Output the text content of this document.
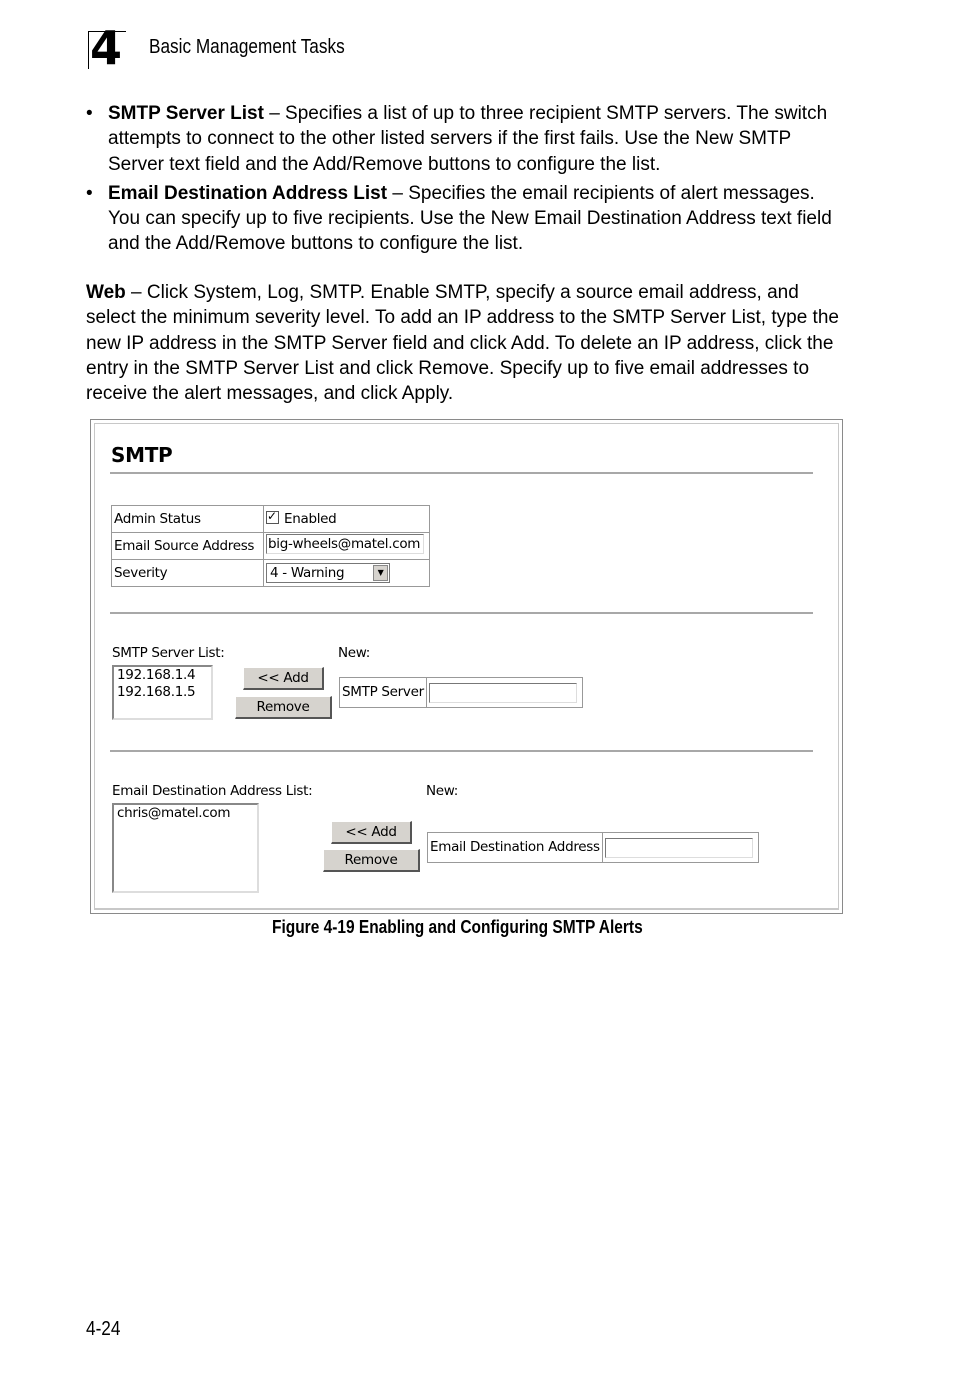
4 Basic Management Tasks
• SMTP Server List – Specifies a list of up to three recipient SMTP servers. The switch attempts to connect to the other listed servers if the first fails. Use the New SMTP Server text field and the Add/Remove buttons to configure the list.
• Email Destination Address List – Specifies the email recipients of alert messages. You can specify up to five recipients. Use the New Email Destination Address text field and the Add/Remove buttons to configure the list.
Web – Click System, Log, SMTP. Enable SMTP, specify a source email address, and select the minimum severity level. To add an IP address to the SMTP Server List, type the new IP address in the SMTP Server field and click Add. To delete an IP address, click the entry in the SMTP Server List and click Remove. Specify up to five email addresses to receive the alert messages, and click Apply.
SMTP
Admin Status	✓Enabled
Email Source Address	big-wheels@matel.com
Severity	4 - Warning ▼
SMTP Server List:	New:
192.168.1.4
192.168.1.5
<< Add
Remove
SMTP Server
Email Destination Address List:	New:
chris@matel.com
<< Add
Remove
Email Destination Address
Figure 4-19 Enabling and Configuring SMTP Alerts
4-24
